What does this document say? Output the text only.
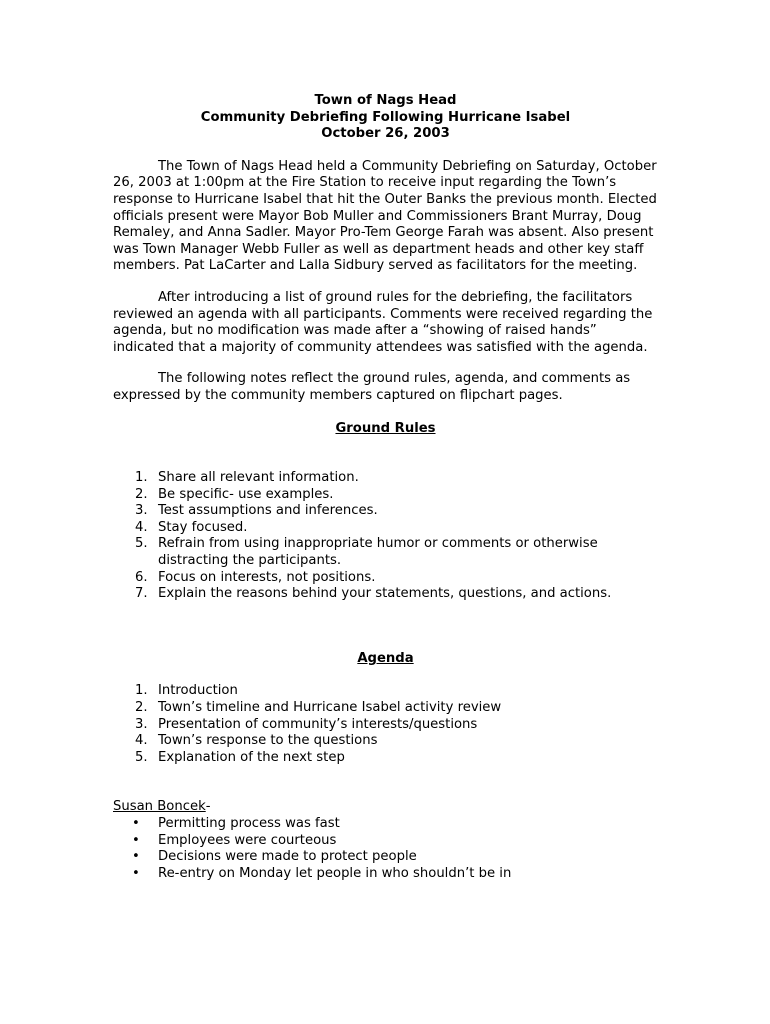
Town of Nags Head
Community Debriefing Following Hurricane Isabel
October 26, 2003

The Town of Nags Head held a Community Debriefing on Saturday, October 26, 2003 at 1:00pm at the Fire Station to receive input regarding the Town’s response to Hurricane Isabel that hit the Outer Banks the previous month. Elected officials present were Mayor Bob Muller and Commissioners Brant Murray, Doug Remaley, and Anna Sadler. Mayor Pro-Tem George Farah was absent. Also present was Town Manager Webb Fuller as well as department heads and other key staff members. Pat LaCarter and Lalla Sidbury served as facilitators for the meeting.

After introducing a list of ground rules for the debriefing, the facilitators reviewed an agenda with all participants. Comments were received regarding the agenda, but no modification was made after a “showing of raised hands” indicated that a majority of community attendees was satisfied with the agenda.

The following notes reflect the ground rules, agenda, and comments as expressed by the community members captured on flipchart pages.

Ground Rules
1. Share all relevant information.
2. Be specific- use examples.
3. Test assumptions and inferences.
4. Stay focused.
5. Refrain from using inappropriate humor or comments or otherwise distracting the participants.
6. Focus on interests, not positions.
7. Explain the reasons behind your statements, questions, and actions.
Agenda
1. Introduction
2. Town’s timeline and Hurricane Isabel activity review
3. Presentation of community’s interests/questions
4. Town’s response to the questions
5. Explanation of the next step
Susan Boncek-
• Permitting process was fast
• Employees were courteous
• Decisions were made to protect people
• Re-entry on Monday let people in who shouldn’t be in
